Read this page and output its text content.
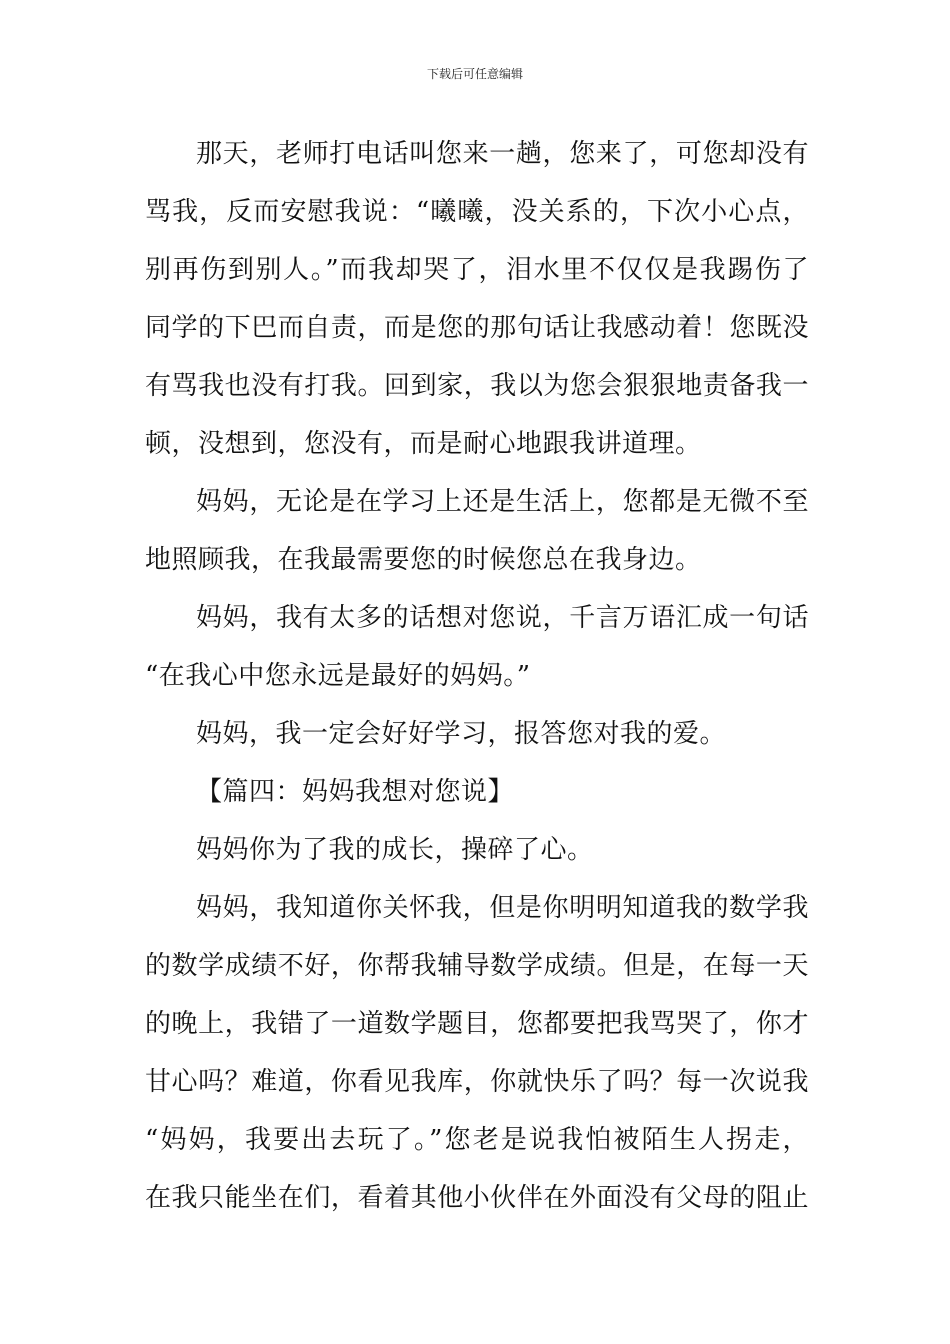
下载后可任意编辑
那天，老师打电话叫您来一趟，您来了，可您却没有
骂我，反而安慰我说：“曦曦，没关系的，下次小心点，
别再伤到别人。”而我却哭了，泪水里不仅仅是我踢伤了
同学的下巴而自责，而是您的那句话让我感动着！您既没
有骂我也没有打我。回到家，我以为您会狠狠地责备我一
顿，没想到，您没有，而是耐心地跟我讲道理。
妈妈，无论是在学习上还是生活上，您都是无微不至
地照顾我，在我最需要您的时候您总在我身边。
妈妈，我有太多的话想对您说，千言万语汇成一句话
“在我心中您永远是最好的妈妈。”
妈妈，我一定会好好学习，报答您对我的爱。
【篇四：妈妈我想对您说】
妈妈你为了我的成长，操碎了心。
妈妈，我知道你关怀我，但是你明明知道我的数学我
的数学成绩不好，你帮我辅导数学成绩。但是，在每一天
的晚上，我错了一道数学题目，您都要把我骂哭了，你才
甘心吗？难道，你看见我库，你就快乐了吗？每一次说我
“妈妈，我要出去玩了。”您老是说我怕被陌生人拐走，
在我只能坐在们，看着其他小伙伴在外面没有父母的阻止
